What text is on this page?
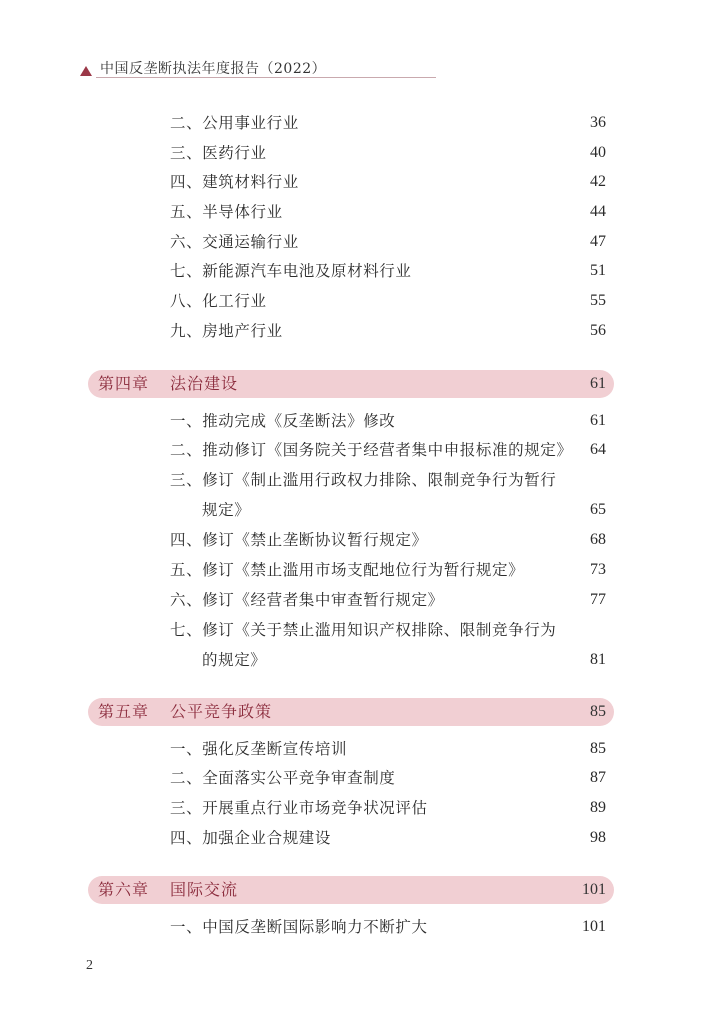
中国反垄断执法年度报告（2022）
二、公用事业行业	36
三、医药行业	40
四、建筑材料行业	42
五、半导体行业	44
六、交通运输行业	47
七、新能源汽车电池及原材料行业	51
八、化工行业	55
九、房地产行业	56
第四章 法治建设	61
一、推动完成《反垄断法》修改	61
二、推动修订《国务院关于经营者集中申报标准的规定》 64
三、修订《制止滥用行政权力排除、限制竞争行为暂行
规定》	65
四、修订《禁止垄断协议暂行规定》	68
五、修订《禁止滥用市场支配地位行为暂行规定》	73
六、修订《经营者集中审查暂行规定》	77
七、修订《关于禁止滥用知识产权排除、限制竞争行为
的规定》	81
第五章 公平竞争政策	85
一、强化反垄断宣传培训	85
二、全面落实公平竞争审查制度	87
三、开展重点行业市场竞争状况评估	89
四、加强企业合规建设	98
第六章 国际交流	101
一、中国反垄断国际影响力不断扩大	101
2
